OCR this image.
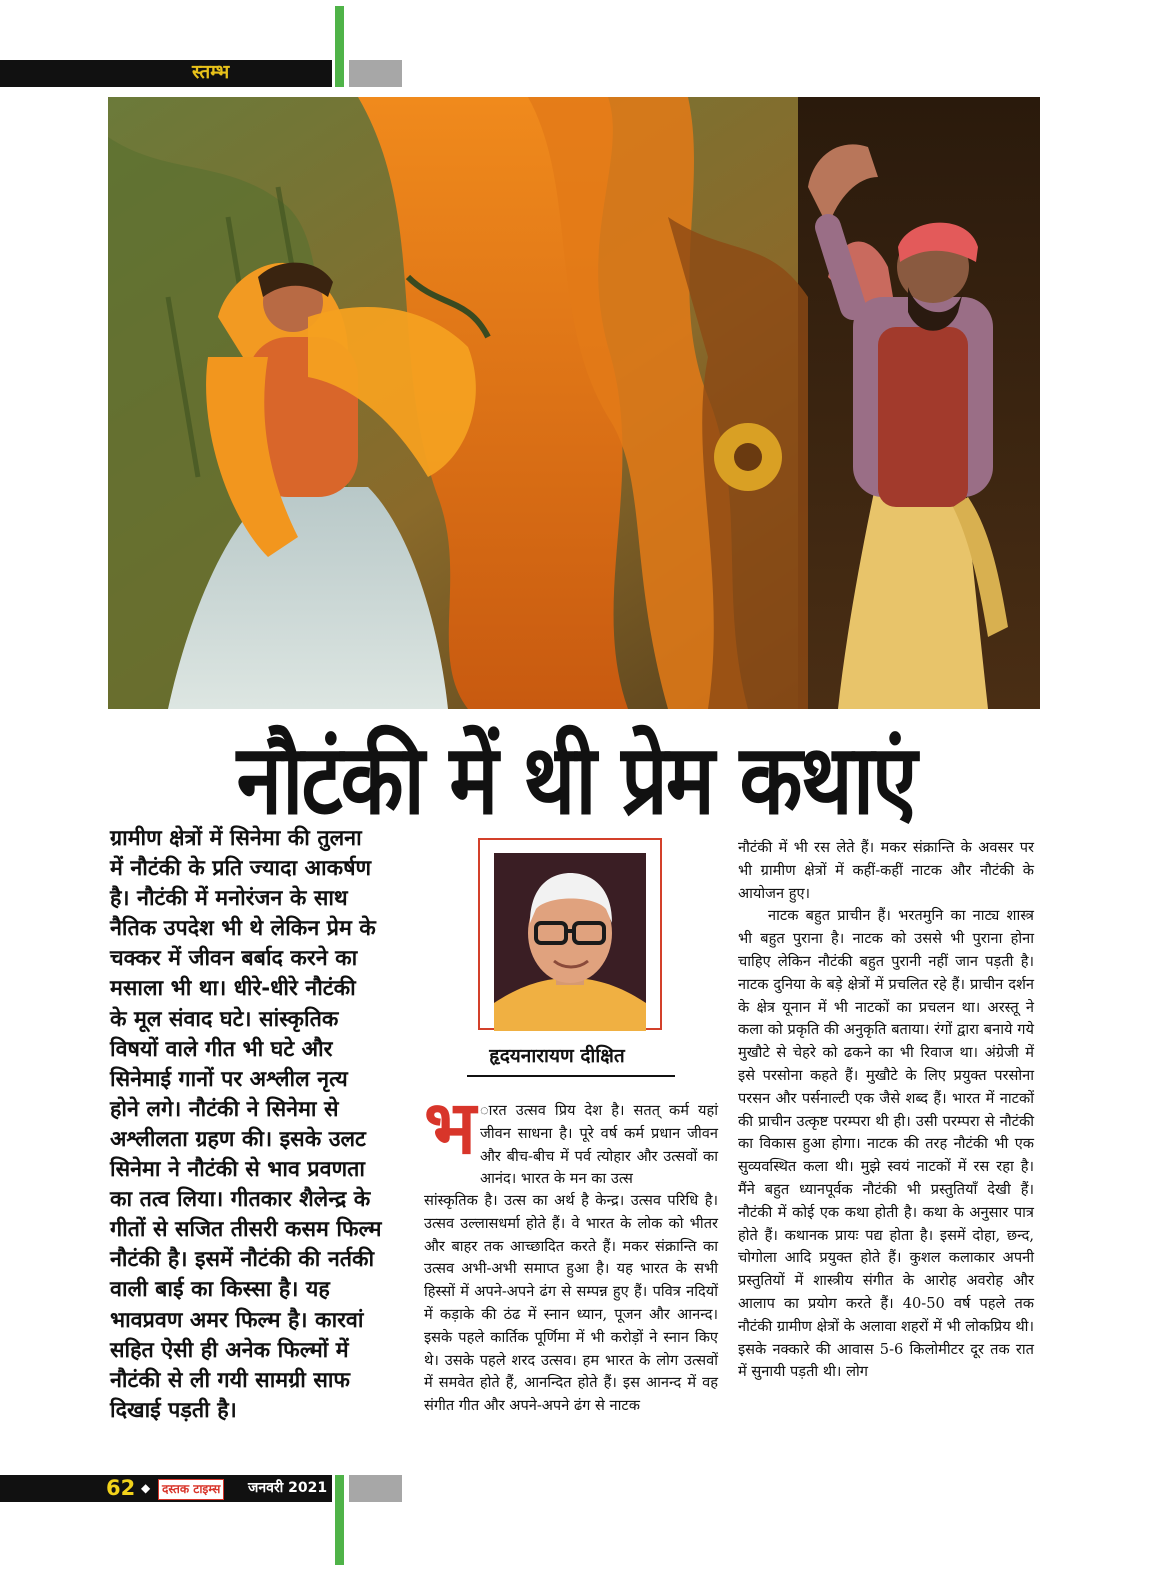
स्तम्भ
नौटंकी में थी प्रेम कथाएं
ग्रामीण क्षेत्रों में सिनेमा की तुलना
में नौटंकी के प्रति ज्यादा आकर्षण
है। नौटंकी में मनोरंजन के साथ
नैतिक उपदेश भी थे लेकिन प्रेम के
चक्कर में जीवन बर्बाद करने का
मसाला भी था। धीरे-धीरे नौटंकी
के मूल संवाद घटे। सांस्कृतिक
विषयों वाले गीत भी घटे और
सिनेमाई गानों पर अश्लील नृत्य
होने लगे। नौटंकी ने सिनेमा से
अश्लीलता ग्रहण की। इसके उलट
सिनेमा ने नौटंकी से भाव प्रवणता
का तत्व लिया। गीतकार शैलेन्द्र के
गीतों से सजित तीसरी कसम फिल्म
नौटंकी है। इसमें नौटंकी की नर्तकी
वाली बाई का किस्सा है। यह
भावप्रवण अमर फिल्म है। कारवां
सहित ऐसी ही अनेक फिल्मों में
नौटंकी से ली गयी सामग्री साफ
दिखाई पड़ती है।
हृदयनारायण दीक्षित
भ ारत उत्सव प्रिय देश है। सतत् कर्म यहां जीवन साधना है। पूरे वर्ष कर्म प्रधान जीवन और बीच-बीच में पर्व त्योहार और उत्सवों का आनंद। भारत के मन का उत्स

सांस्कृतिक है। उत्स का अर्थ है केन्द्र। उत्सव परिधि है। उत्सव उल्लासधर्मा होते हैं। वे भारत के लोक को भीतर और बाहर तक आच्छादित करते हैं। मकर संक्रान्ति का उत्सव अभी-अभी समाप्त हुआ है। यह भारत के सभी हिस्सों में अपने-अपने ढंग से सम्पन्न हुए हैं। पवित्र नदियों में कड़ाके की ठंढ में स्नान ध्यान, पूजन और आनन्द। इसके पहले कार्तिक पूर्णिमा में भी करोड़ों ने स्नान किए थे। उसके पहले शरद उत्सव। हम भारत के लोग उत्सवों में समवेत होते हैं, आनन्दित होते हैं। इस आनन्द में वह संगीत गीत और अपने-अपने ढंग से नाटक

नौटंकी में भी रस लेते हैं। मकर संक्रान्ति के अवसर पर भी ग्रामीण क्षेत्रों में कहीं-कहीं नाटक और नौटंकी के आयोजन हुए।

नाटक बहुत प्राचीन हैं। भरतमुनि का नाट्य शास्त्र भी बहुत पुराना है। नाटक को उससे भी पुराना होना चाहिए लेकिन नौटंकी बहुत पुरानी नहीं जान पड़ती है। नाटक दुनिया के बड़े क्षेत्रों में प्रचलित रहे हैं। प्राचीन दर्शन के क्षेत्र यूनान में भी नाटकों का प्रचलन था। अरस्तू ने कला को प्रकृति की अनुकृति बताया। रंगों द्वारा बनाये गये मुखौटे से चेहरे को ढकने का भी रिवाज था। अंग्रेजी में इसे परसोना कहते हैं। मुखौटे के लिए प्रयुक्त परसोना परसन और पर्सनाल्टी एक जैसे शब्द हैं। भारत में नाटकों की प्राचीन उत्कृष्ट परम्परा थी ही। उसी परम्परा से नौटंकी का विकास हुआ होगा। नाटक की तरह नौटंकी भी एक सुव्यवस्थित कला थी। मुझे स्वयं नाटकों में रस रहा है। मैंने बहुत ध्यानपूर्वक नौटंकी भी प्रस्तुतियाँ देखी हैं। नौटंकी में कोई एक कथा होती है। कथा के अनुसार पात्र होते हैं। कथानक प्रायः पद्य होता है। इसमें दोहा, छन्द, चोगोला आदि प्रयुक्त होते हैं। कुशल कलाकार अपनी प्रस्तुतियों में शास्त्रीय संगीत के आरोह अवरोह और आलाप का प्रयोग करते हैं। 40-50 वर्ष पहले तक नौटंकी ग्रामीण क्षेत्रों के अलावा शहरों में भी लोकप्रिय थी। इसके नक्कारे की आवास 5-6 किलोमीटर दूर तक रात में सुनायी पड़ती थी। लोग

62 ◆ दस्तक टाइम्स जनवरी 2021
